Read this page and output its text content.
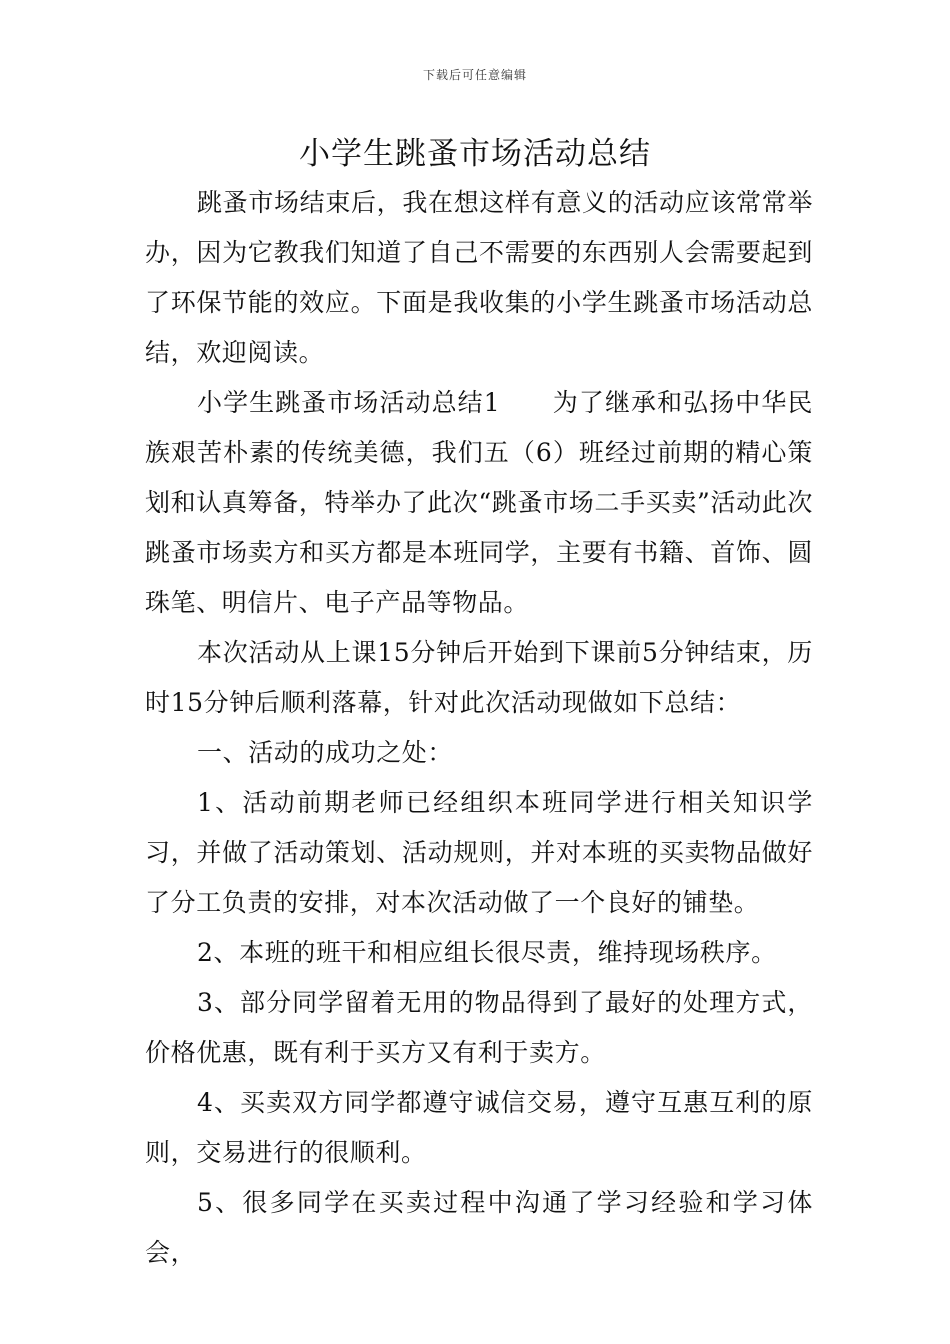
下载后可任意编辑
小学生跳蚤市场活动总结

跳蚤市场结束后，我在想这样有意义的活动应该常常举办，因为它教我们知道了自己不需要的东西别人会需要起到了环保节能的效应。下面是我收集的小学生跳蚤市场活动总结，欢迎阅读。

小学生跳蚤市场活动总结1　　为了继承和弘扬中华民族艰苦朴素的传统美德，我们五（6）班经过前期的精心策划和认真筹备，特举办了此次“跳蚤市场二手买卖”活动此次跳蚤市场卖方和买方都是本班同学，主要有书籍、首饰、圆珠笔、明信片、电子产品等物品。

本次活动从上课15分钟后开始到下课前5分钟结束，历时15分钟后顺利落幕，针对此次活动现做如下总结：

一、活动的成功之处：

1、活动前期老师已经组织本班同学进行相关知识学习，并做了活动策划、活动规则，并对本班的买卖物品做好了分工负责的安排，对本次活动做了一个良好的铺垫。

2、本班的班干和相应组长很尽责，维持现场秩序。

3、部分同学留着无用的物品得到了最好的处理方式，价格优惠，既有利于买方又有利于卖方。

4、买卖双方同学都遵守诚信交易，遵守互惠互利的原则，交易进行的很顺利。

5、很多同学在买卖过程中沟通了学习经验和学习体会，
